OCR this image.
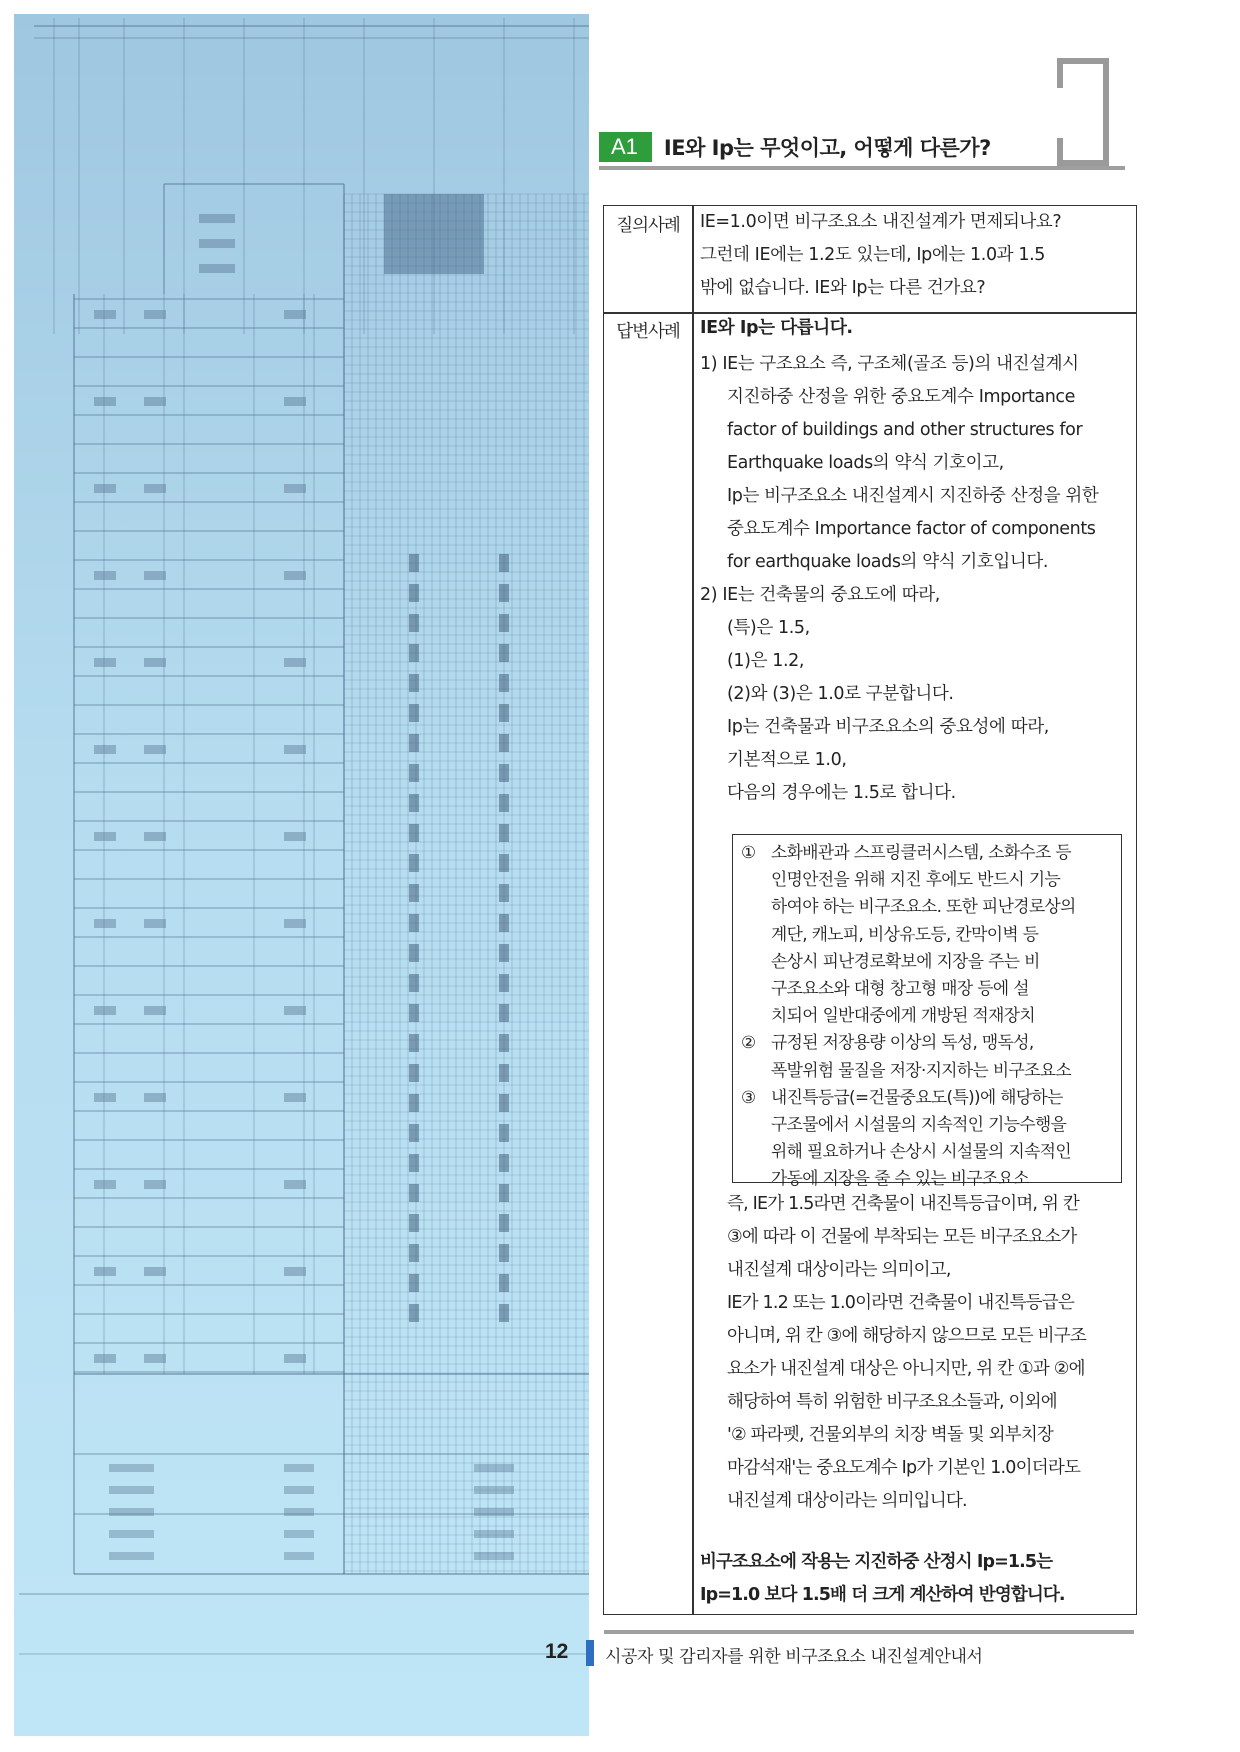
A1	IE와 Ip는 무엇이고, 어떻게 다른가?
질의사례	IE=1.0이면 비구조요소 내진설계가 면제되나요?
그런데 IE에는 1.2도 있는데, Ip에는 1.0과 1.5
밖에 없습니다. IE와 Ip는 다른 건가요?
답변사례	IE와 Ip는 다릅니다.
1) IE는 구조요소 즉, 구조체(골조 등)의 내진설계시
지진하중 산정을 위한 중요도계수 Importance
factor of buildings and other structures for
Earthquake loads의 약식 기호이고,
Ip는 비구조요소 내진설계시 지진하중 산정을 위한
중요도계수 Importance factor of components
for earthquake loads의 약식 기호입니다.
2) IE는 건축물의 중요도에 따라,
(특)은 1.5,
(1)은 1.2,
(2)와 (3)은 1.0로 구분합니다.
Ip는 건축물과 비구조요소의 중요성에 따라,
기본적으로 1.0,
다음의 경우에는 1.5로 합니다.

① 소화배관과 스프링클러시스템, 소화수조 등

인명안전을 위해 지진 후에도 반드시 기능

하여야 하는 비구조요소. 또한 피난경로상의

계단, 캐노피, 비상유도등, 칸막이벽 등

손상시 피난경로확보에 지장을 주는 비

구조요소와 대형 창고형 매장 등에 설

치되어 일반대중에게 개방된 적재장치

② 규정된 저장용량 이상의 독성, 맹독성,

폭발위험 물질을 저장·지지하는 비구조요소

③ 내진특등급(=건물중요도(특))에 해당하는

구조물에서 시설물의 지속적인 기능수행을

위해 필요하거나 손상시 시설물의 지속적인

가동에 지장을 줄 수 있는 비구조요소

즉, IE가 1.5라면 건축물이 내진특등급이며, 위 칸
③에 따라 이 건물에 부착되는 모든 비구조요소가
내진설계 대상이라는 의미이고,
IE가 1.2 또는 1.0이라면 건축물이 내진특등급은
아니며, 위 칸 ③에 해당하지 않으므로 모든 비구조
요소가 내진설계 대상은 아니지만, 위 칸 ①과 ②에
해당하여 특히 위험한 비구조요소들과, 이외에
'② 파라펫, 건물외부의 치장 벽돌 및 외부치장
마감석재'는 중요도계수 Ip가 기본인 1.0이더라도
내진설계 대상이라는 의미입니다.
비구조요소에 작용는 지진하중 산정시 Ip=1.5는
Ip=1.0 보다 1.5배 더 크게 계산하여 반영합니다.
12 시공자 및 감리자를 위한 비구조요소 내진설계안내서
